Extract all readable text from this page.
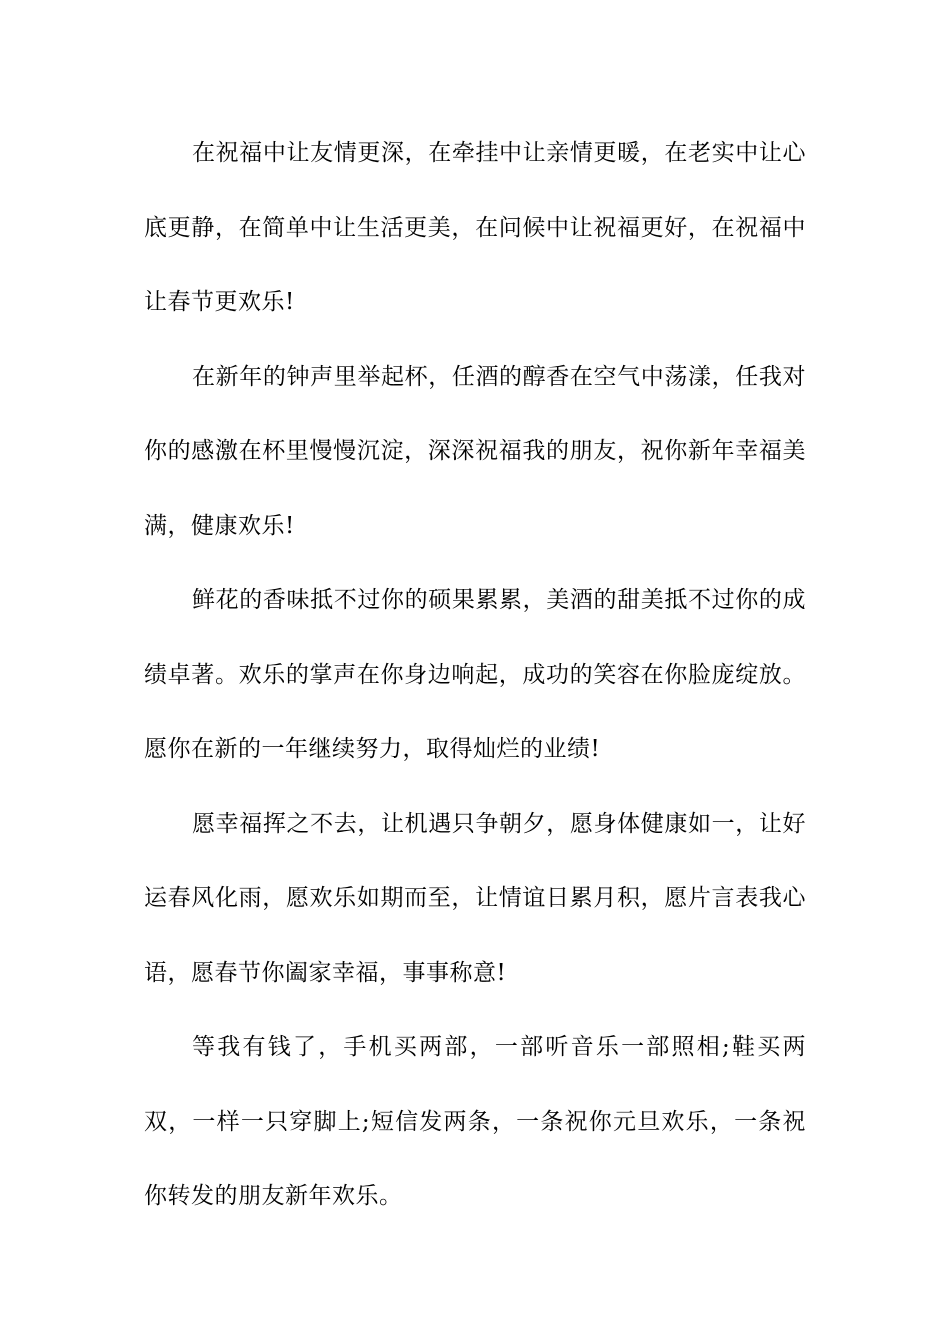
在祝福中让友情更深，在牵挂中让亲情更暖，在老实中让心底更静，在简单中让生活更美，在问候中让祝福更好，在祝福中让春节更欢乐!

在新年的钟声里举起杯，任酒的醇香在空气中荡漾，任我对你的感激在杯里慢慢沉淀，深深祝福我的朋友，祝你新年幸福美满，健康欢乐!

鲜花的香味抵不过你的硕果累累，美酒的甜美抵不过你的成绩卓著。欢乐的掌声在你身边响起，成功的笑容在你脸庞绽放。愿你在新的一年继续努力，取得灿烂的业绩!

愿幸福挥之不去，让机遇只争朝夕，愿身体健康如一，让好运春风化雨，愿欢乐如期而至，让情谊日累月积，愿片言表我心语，愿春节你阖家幸福，事事称意!

等我有钱了，手机买两部，一部听音乐一部照相;鞋买两双，一样一只穿脚上;短信发两条，一条祝你元旦欢乐，一条祝你转发的朋友新年欢乐。
